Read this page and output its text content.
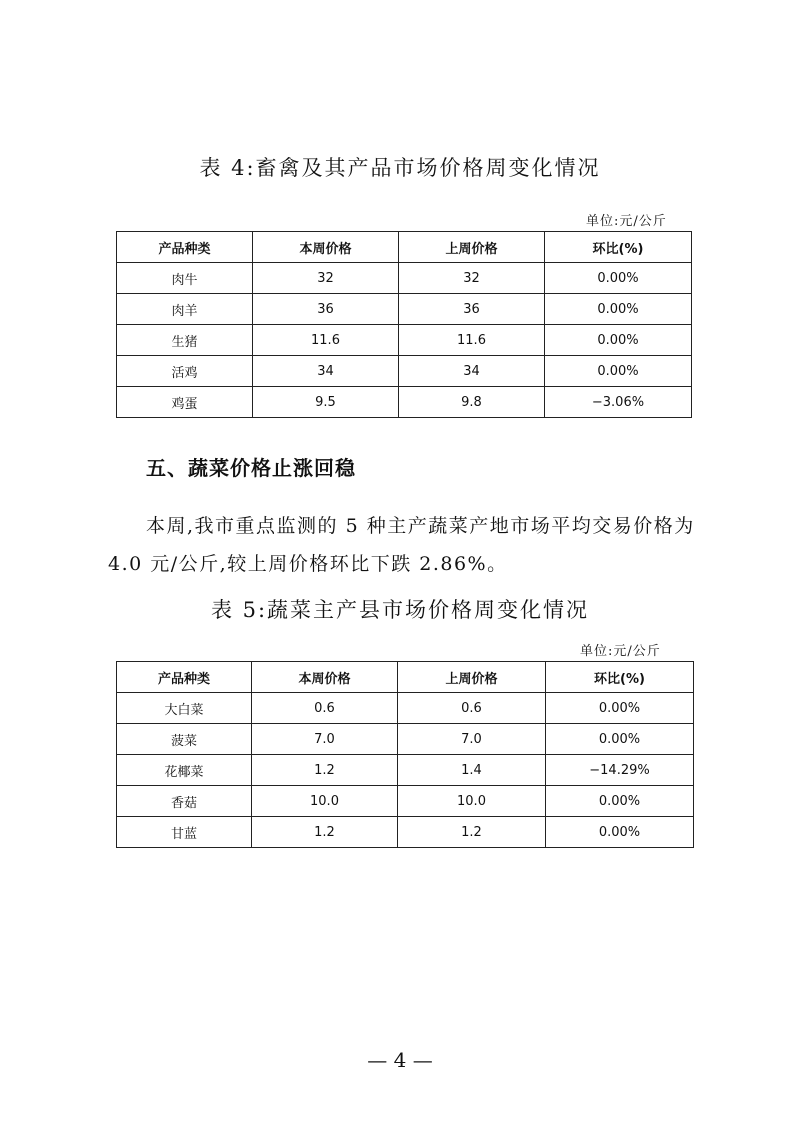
表 4:畜禽及其产品市场价格周变化情况
单位:元/公斤
产品种类	本周价格	上周价格	环比(%)
肉牛	32	32	0.00%
肉羊	36	36	0.00%
生猪	11.6	11.6	0.00%
活鸡	34	34	0.00%
鸡蛋	9.5	9.8	−3.06%
五、蔬菜价格止涨回稳

本周,我市重点监测的 5 种主产蔬菜产地市场平均交易价格为 4.0 元/公斤,较上周价格环比下跌 2.86%。

表 5:蔬菜主产县市场价格周变化情况
单位:元/公斤
产品种类	本周价格	上周价格	环比(%)
大白菜	0.6	0.6	0.00%
菠菜	7.0	7.0	0.00%
花椰菜	1.2	1.4	−14.29%
香菇	10.0	10.0	0.00%
甘蓝	1.2	1.2	0.00%
— 4 —
